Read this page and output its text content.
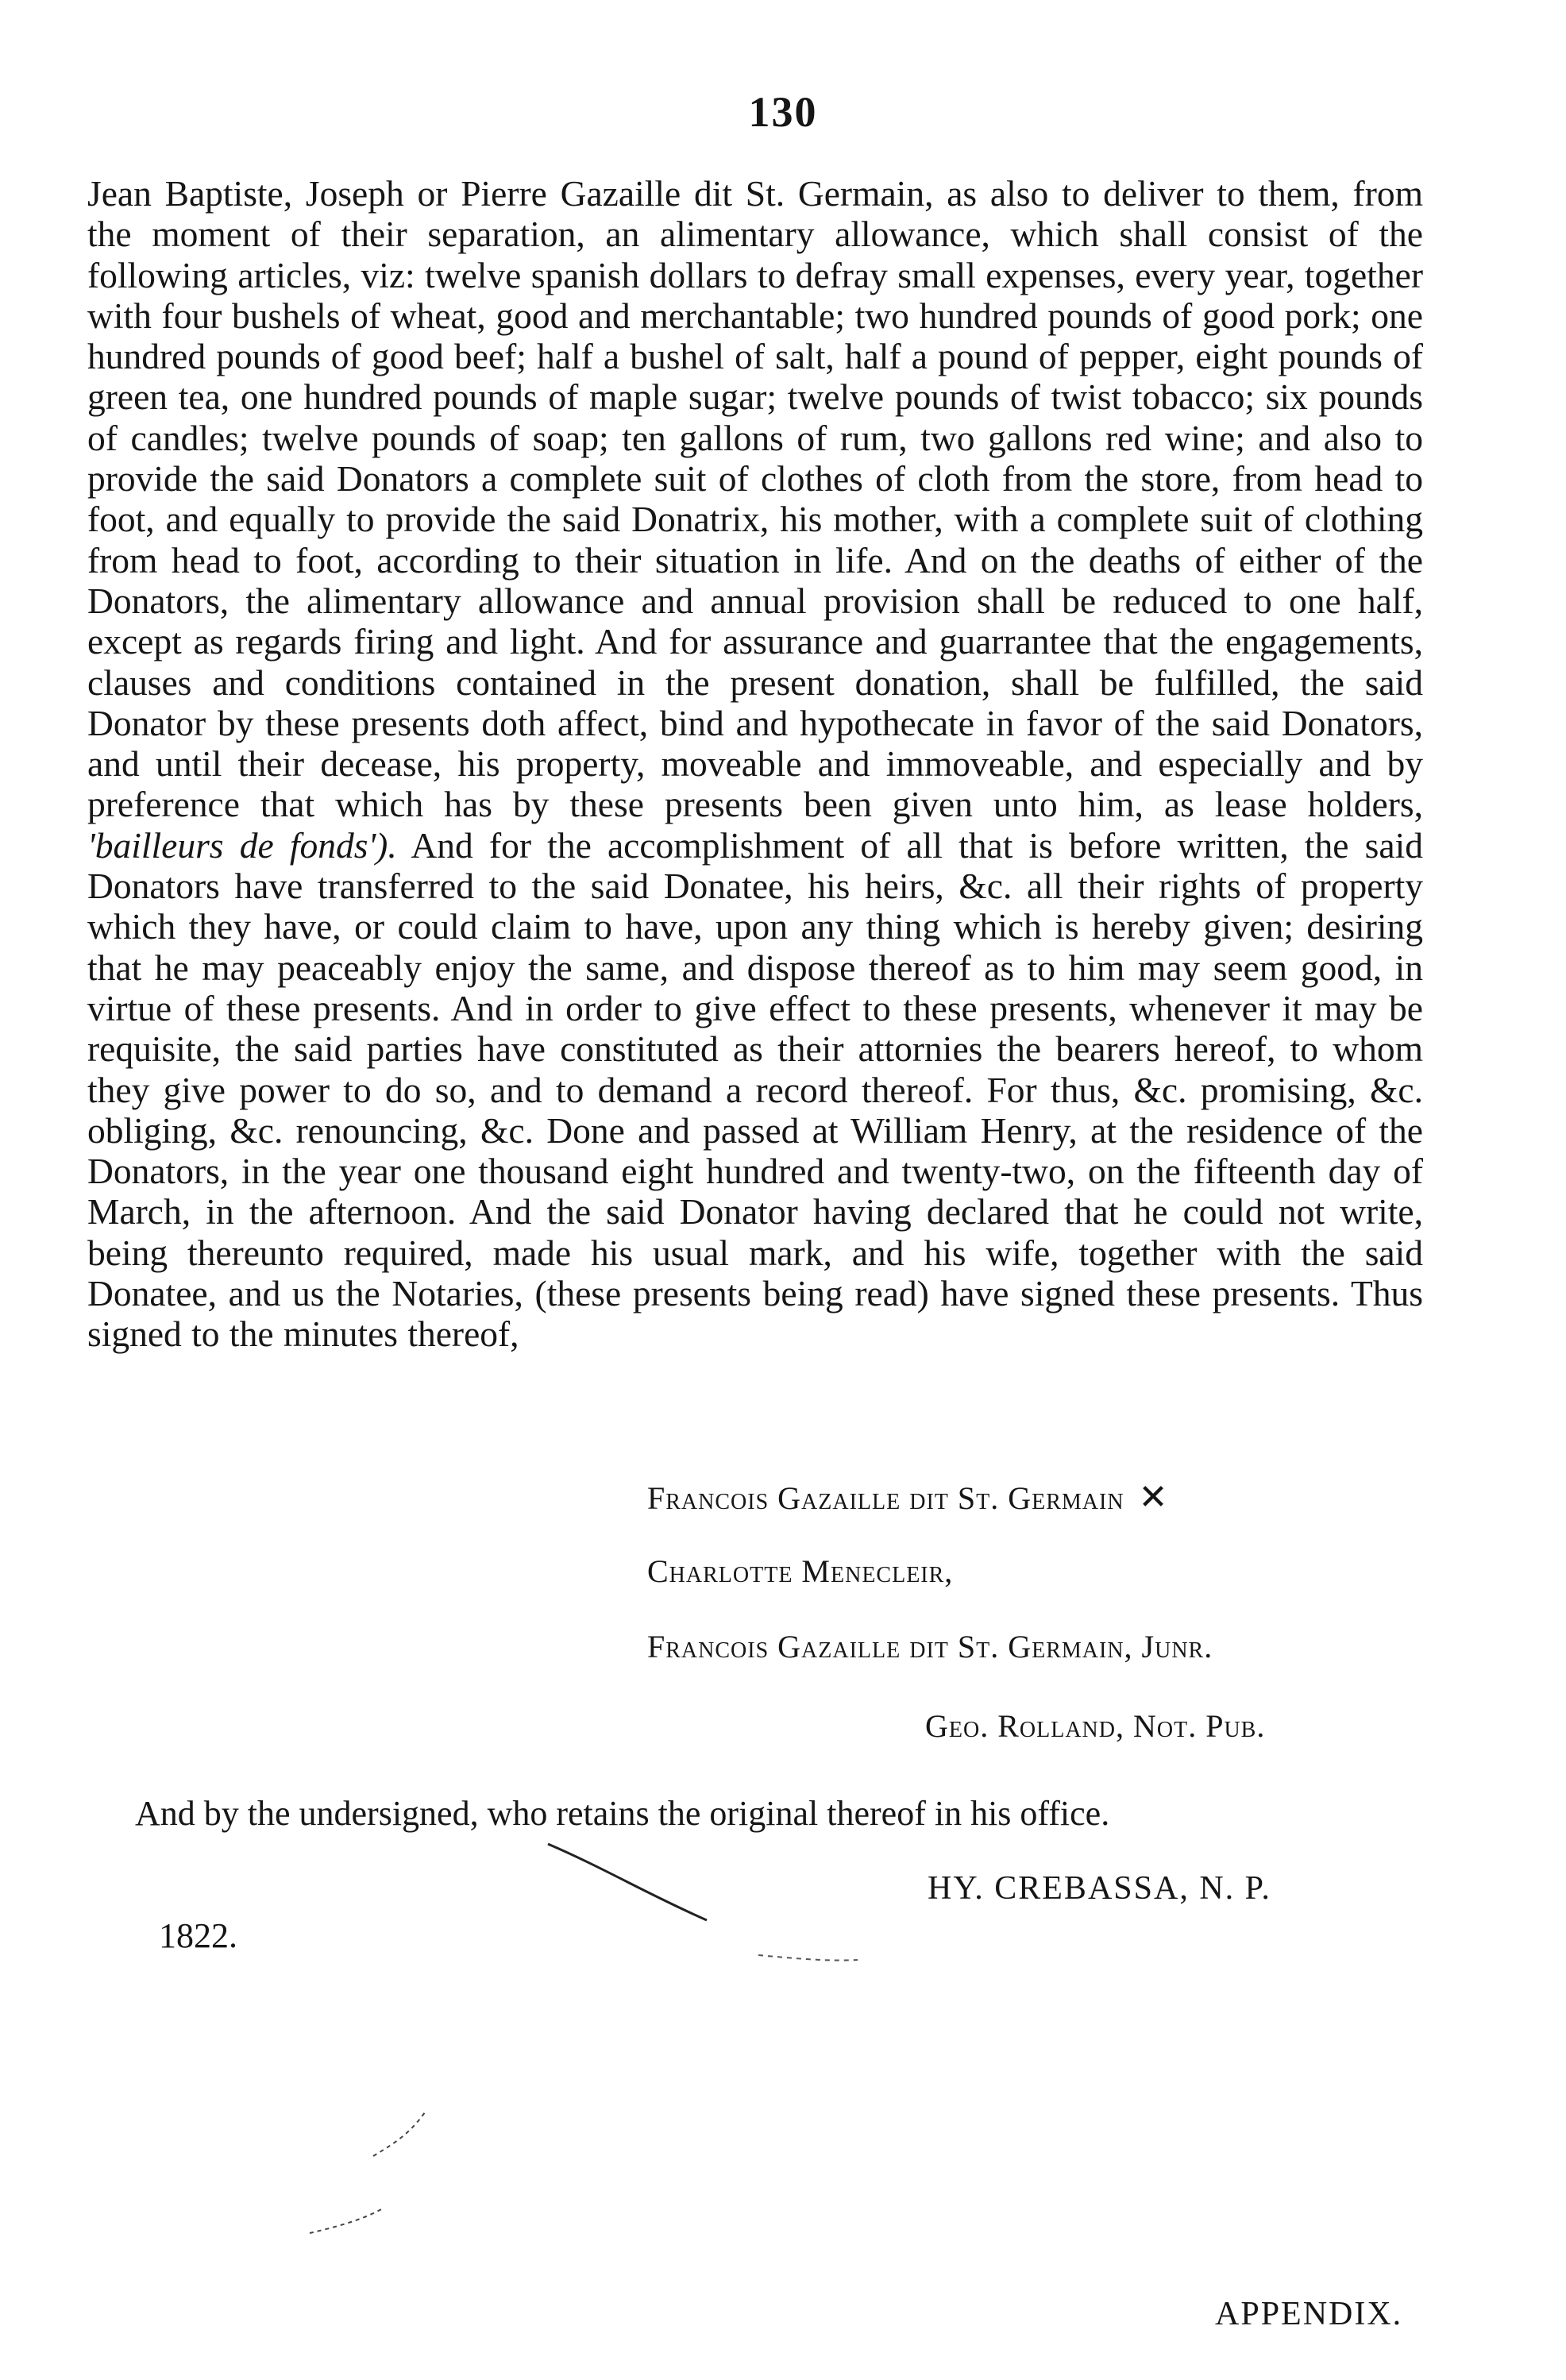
130

Jean Baptiste, Joseph or Pierre Gazaille dit St. Germain, as also to deliver to them, from the moment of their separation, an alimentary allowance, which shall consist of the following articles, viz: twelve spanish dollars to defray small expenses, every year, together with four bushels of wheat, good and merchantable; two hundred pounds of good pork; one hundred pounds of good beef; half a bushel of salt, half a pound of pepper, eight pounds of green tea, one hundred pounds of maple sugar; twelve pounds of twist tobacco; six pounds of candles; twelve pounds of soap; ten gallons of rum, two gallons red wine; and also to provide the said Donators a complete suit of clothes of cloth from the store, from head to foot, and equally to provide the said Donatrix, his mother, with a complete suit of clothing from head to foot, according to their situation in life. And on the deaths of either of the Donators, the alimentary allowance and annual provision shall be reduced to one half, except as regards firing and light. And for assurance and guarrantee that the engagements, clauses and conditions contained in the present donation, shall be fulfilled, the said Donator by these presents doth affect, bind and hypothecate in favor of the said Donators, and until their decease, his property, moveable and immoveable, and especially and by preference that which has by these presents been given unto him, as lease holders, 'bailleurs de fonds'). And for the accomplishment of all that is before written, the said Donators have transferred to the said Donatee, his heirs, &c. all their rights of property which they have, or could claim to have, upon any thing which is hereby given; desiring that he may peaceably enjoy the same, and dispose thereof as to him may seem good, in virtue of these presents. And in order to give effect to these presents, whenever it may be requisite, the said parties have constituted as their attornies the bearers hereof, to whom they give power to do so, and to demand a record thereof. For thus, &c. promising, &c. obliging, &c. renouncing, &c. Done and passed at William Henry, at the residence of the Donators, in the year one thousand eight hundred and twenty-two, on the fifteenth day of March, in the afternoon. And the said Donator having declared that he could not write, being thereunto required, made his usual mark, and his wife, together with the said Donatee, and us the Notaries, (these presents being read) have signed these presents. Thus signed to the minutes thereof,

Francois Gazaille dit St. Germain ✕
Charlotte Menecleir,
Francois Gazaille dit St. Germain, Junr.
Geo. Rolland, Not. Pub.
And by the undersigned, who retains the original thereof in his office.
HY. CREBASSA, N. P.
1822.
APPENDIX.
